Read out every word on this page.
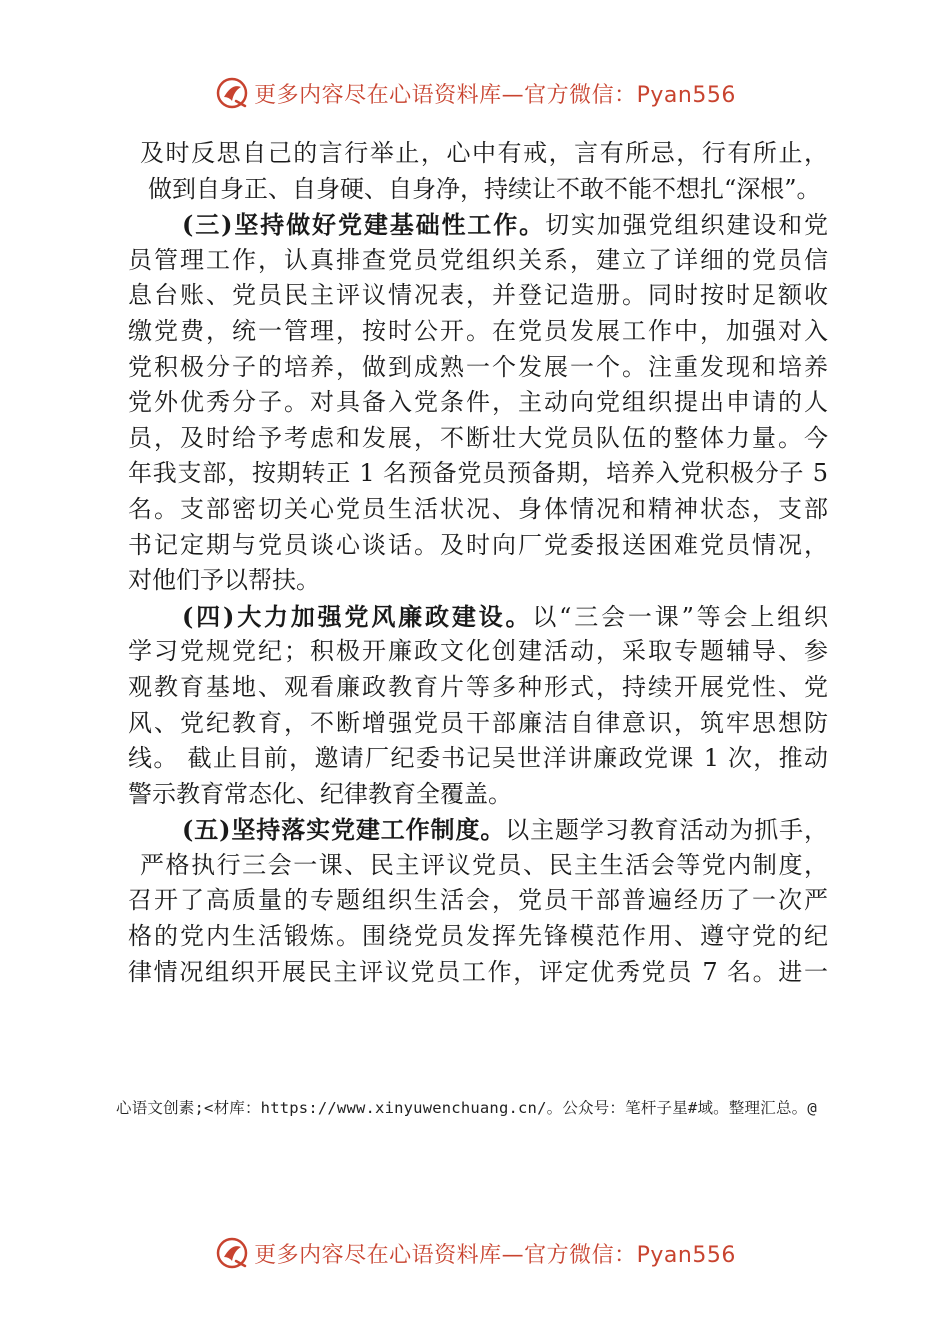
更多内容尽在心语资料库—官方微信：Pyan556
及时反思自己的言行举止，心中有戒，言有所忌，行有所止，
做到自身正、自身硬、自身净，持续让不敢不能不想扎“深根”。
(三)坚持做好党建基础性工作。切实加强党组织建设和党
员管理工作，认真排查党员党组织关系，建立了详细的党员信
息台账、党员民主评议情况表，并登记造册。同时按时足额收
缴党费，统一管理，按时公开。在党员发展工作中，加强对入
党积极分子的培养，做到成熟一个发展一个。注重发现和培养
党外优秀分子。对具备入党条件，主动向党组织提出申请的人
员，及时给予考虑和发展，不断壮大党员队伍的整体力量。今
年我支部，按期转正 1 名预备党员预备期，培养入党积极分子 5
名。支部密切关心党员生活状况、身体情况和精神状态，支部
书记定期与党员谈心谈话。及时向厂党委报送困难党员情况，
对他们予以帮扶。
(四)大力加强党风廉政建设。以“三会一课”等会上组织
学习党规党纪；积极开廉政文化创建活动，采取专题辅导、参
观教育基地、观看廉政教育片等多种形式，持续开展党性、党
风、党纪教育，不断增强党员干部廉洁自律意识，筑牢思想防
线。 截止目前，邀请厂纪委书记吴世洋讲廉政党课 1 次，推动
警示教育常态化、纪律教育全覆盖。
(五)坚持落实党建工作制度。以主题学习教育活动为抓手，
严格执行三会一课、民主评议党员、民主生活会等党内制度，
召开了高质量的专题组织生活会，党员干部普遍经历了一次严
格的党内生活锻炼。围绕党员发挥先锋模范作用、遵守党的纪
律情况组织开展民主评议党员工作，评定优秀党员 7 名。进一
心语文创素;<材库：https://www.xinyuwenchuang.cn/。公众号：笔杆子星#域。整理汇总。@
更多内容尽在心语资料库—官方微信：Pyan556
